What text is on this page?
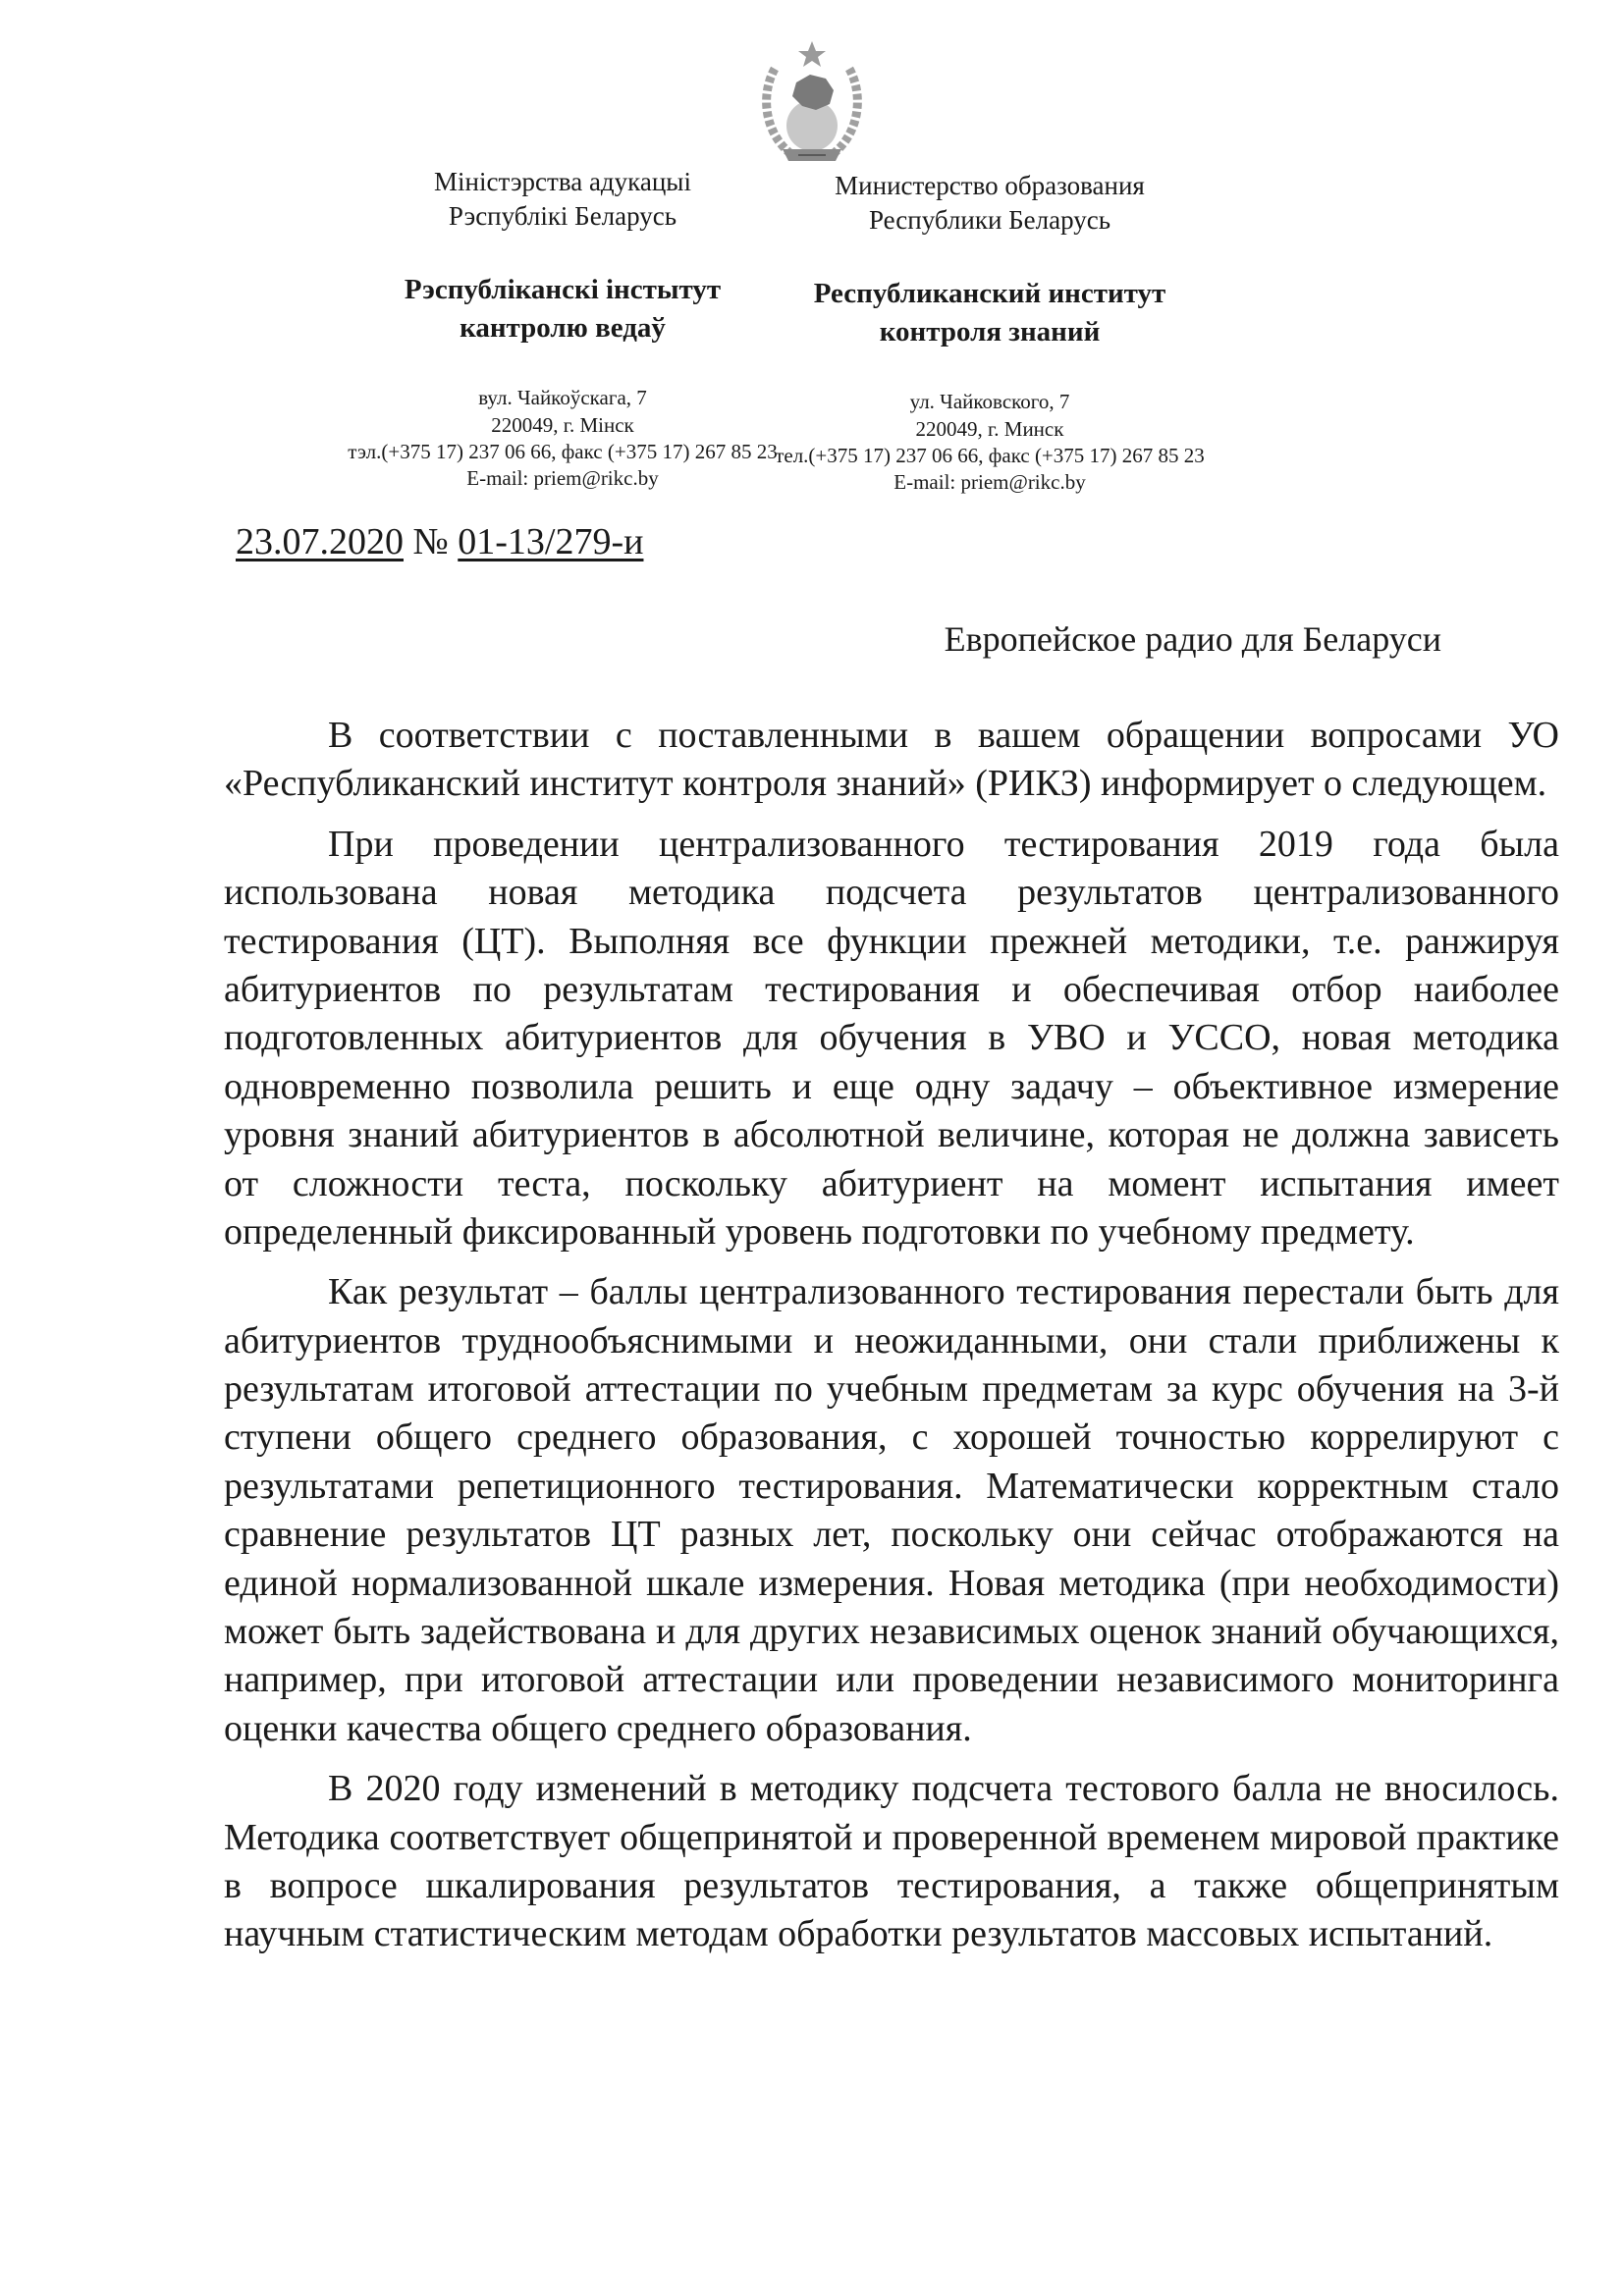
Міністэрства адукацыі
Рэспублікі Беларусь

Рэспубліканскі інстытут
кантролю ведаў

вул. Чайкоўскага, 7
220049, г. Мінск
тэл.(+375 17) 237 06 66, факс (+375 17) 267 85 23
E-mail: priem@rikc.by

Министерство образования
Республики Беларусь

Республиканский институт
контроля знаний

ул. Чайковского, 7
220049, г. Минск
тел.(+375 17) 237 06 66, факс (+375 17) 267 85 23
E-mail: priem@rikc.by

23.07.2020 № 01-13/279-и
Европейское радио для Беларуси

В соответствии с поставленными в вашем обращении вопросами УО «Республиканский институт контроля знаний» (РИКЗ) информирует о следующем.

При проведении централизованного тестирования 2019 года была использована новая методика подсчета результатов централизованного тестирования (ЦТ). Выполняя все функции прежней методики, т.е. ранжируя абитуриентов по результатам тестирования и обеспечивая отбор наиболее подготовленных абитуриентов для обучения в УВО и УССО, новая методика одновременно позволила решить и еще одну задачу – объективное измерение уровня знаний абитуриентов в абсолютной величине, которая не должна зависеть от сложности теста, поскольку абитуриент на момент испытания имеет определенный фиксированный уровень подготовки по учебному предмету.

Как результат – баллы централизованного тестирования перестали быть для абитуриентов труднообъяснимыми и неожиданными, они стали приближены к результатам итоговой аттестации по учебным предметам за курс обучения на 3-й ступени общего среднего образования, с хорошей точностью коррелируют с результатами репетиционного тестирования. Математически корректным стало сравнение результатов ЦТ разных лет, поскольку они сейчас отображаются на единой нормализованной шкале измерения. Новая методика (при необходимости) может быть задействована и для других независимых оценок знаний обучающихся, например, при итоговой аттестации или проведении независимого мониторинга оценки качества общего среднего образования.

В 2020 году изменений в методику подсчета тестового балла не вносилось. Методика соответствует общепринятой и проверенной временем мировой практике в вопросе шкалирования результатов тестирования, а также общепринятым научным статистическим методам обработки результатов массовых испытаний.
